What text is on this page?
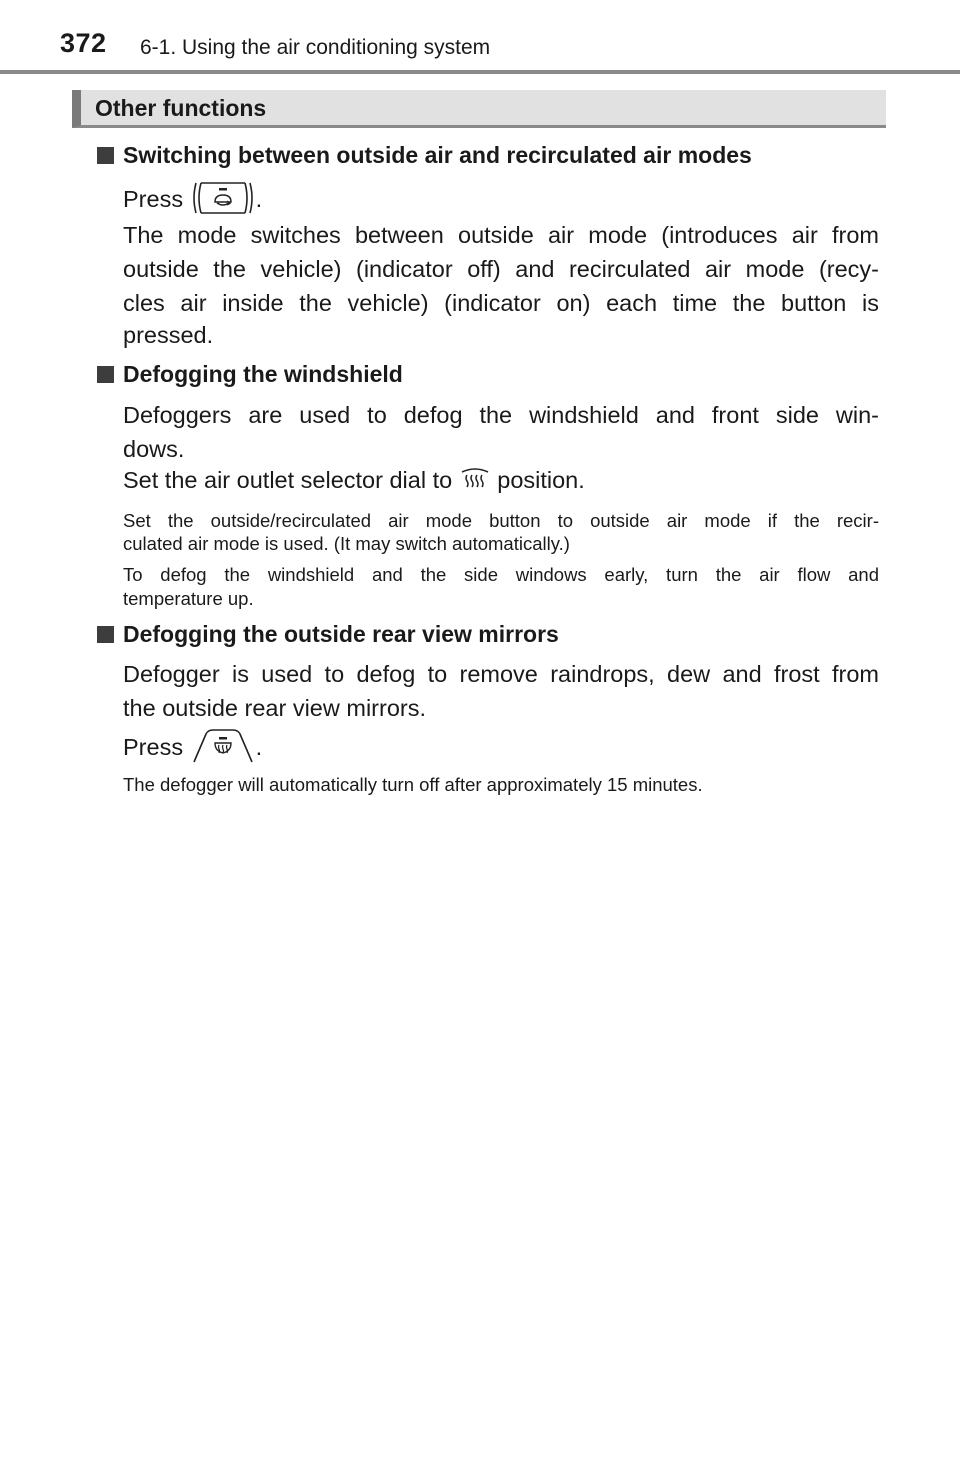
372 6-1. Using the air conditioning system
Other functions
Switching between outside air and recirculated air modes
Press	.
The mode switches between outside air mode (introduces air from
outside the vehicle) (indicator off) and recirculated air mode (recy-
cles air inside the vehicle) (indicator on) each time the button is
pressed.
Defogging the windshield
Defoggers are used to defog the windshield and front side win-
dows.
Set the air outlet selector dial to position.
Set the outside/recirculated air mode button to outside air mode if the recir-
culated air mode is used. (It may switch automatically.)
To defog the windshield and the side windows early, turn the air flow and
temperature up.
Defogging the outside rear view mirrors
Defogger is used to defog to remove raindrops, dew and frost from
the outside rear view mirrors.
Press	.
The defogger will automatically turn off after approximately 15 minutes.
